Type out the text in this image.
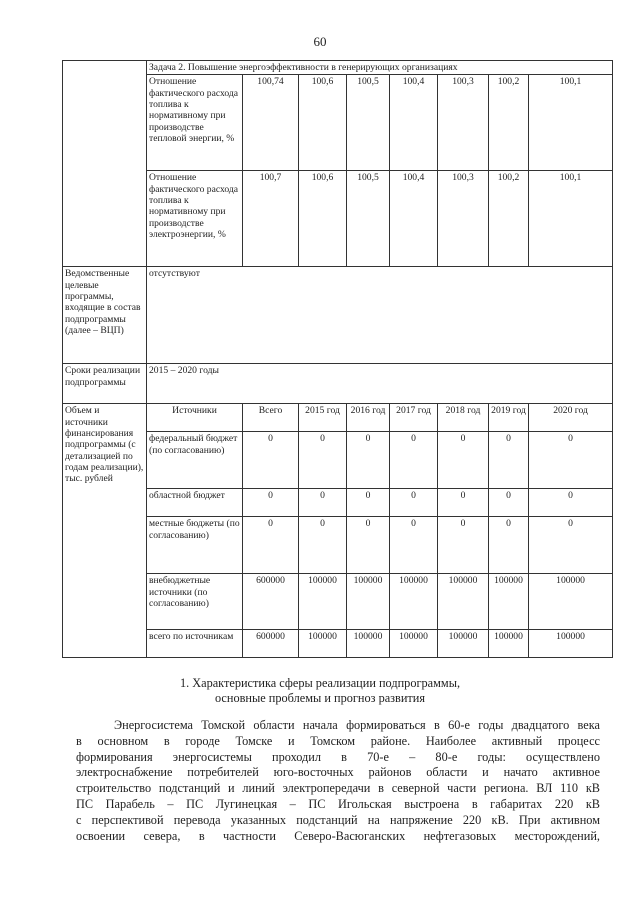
60
	Задача 2. Повышение энергоэффективности в генерирующих организациях								
	Отношение фактического расхода топлива к нормативному при производстве тепловой энергии, %	100,74	100,6	100,5	100,4	100,3	100,2	100,1	
	Отношение фактического расхода топлива к нормативному при производстве электроэнергии, %	100,7	100,6	100,5	100,4	100,3	100,2	100,1	
Ведомственные целевые программы, входящие в состав подпрограммы (далее – ВЦП)	отсутствуют								
Сроки реализации подпрограммы	2015 – 2020 годы								
Объем и источники финансирования подпрограммы (с детализацией по годам реализации), тыс. рублей	Источники	Всего	2015 год	2016 год	2017 год	2018 год	2019 год	2020 год	
	федеральный бюджет (по согласованию)	0	0	0	0	0	0	0	
	областной бюджет	0	0	0	0	0	0	0	
	местные бюджеты (по согласованию)	0	0	0	0	0	0	0	
	внебюджетные источники (по согласованию)	600000	100000	100000	100000	100000	100000	100000	
	всего по источникам	600000	100000	100000	100000	100000	100000	100000	
1. Характеристика сферы реализации подпрограммы,
основные проблемы и прогноз развития
Энергосистема Томской области начала формироваться в 60-е годы двадцатого века
в основном в городе Томске и Томском районе. Наиболее активный процесс
формирования энергосистемы проходил в 70-е – 80-е годы: осуществлено
электроснабжение потребителей юго-восточных районов области и начато активное
строительство подстанций и линий электропередачи в северной части региона. ВЛ 110 кВ
ПС Парабель – ПС Лугинецкая – ПС Игольская выстроена в габаритах 220 кВ
с перспективой перевода указанных подстанций на напряжение 220 кВ. При активном
освоении севера, в частности Северо-Васюганских нефтегазовых месторождений,
